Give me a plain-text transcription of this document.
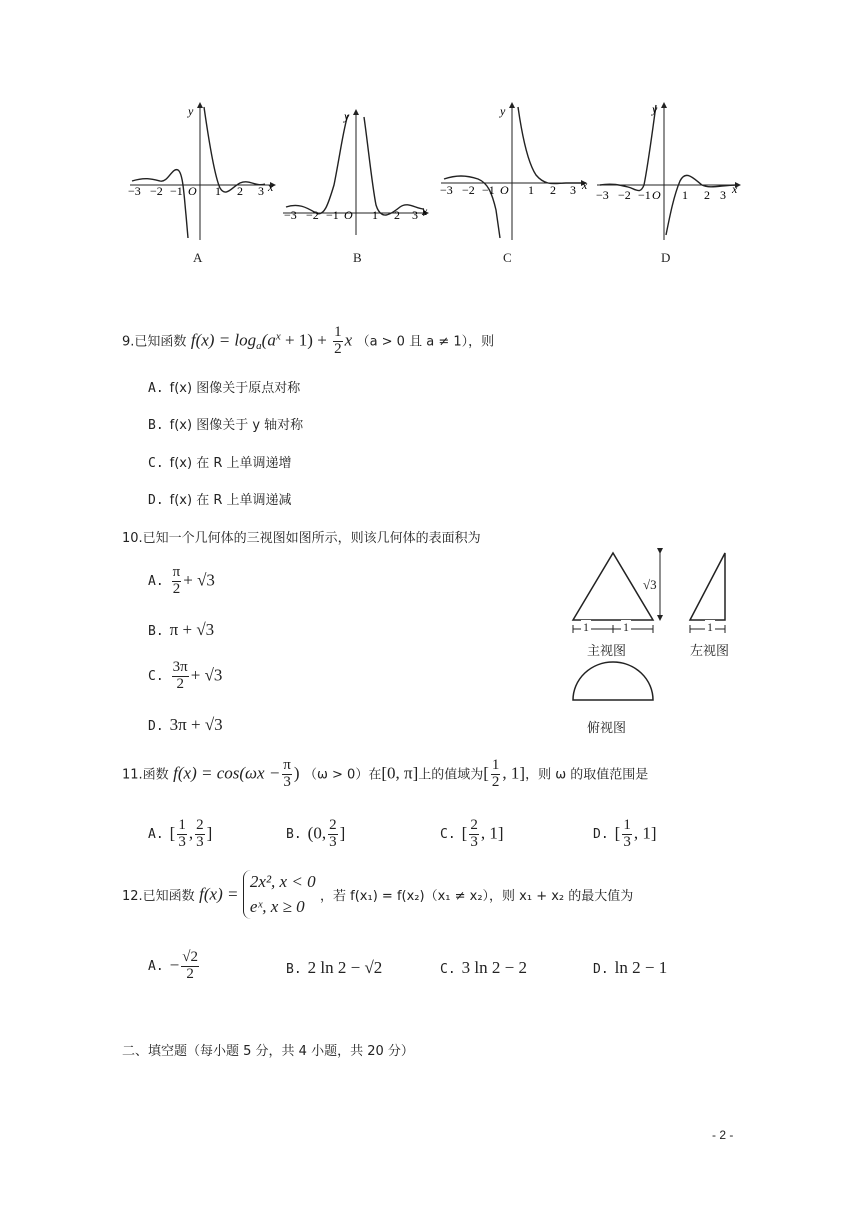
−3 −2 −1 O 1 2 3 x
y
−3 −2 −1 O 1 2 3 x
y
−3 −2 −1 O 1 2 3 x
y
−3 −2 −1 O 1 2 3 x
y
A	B	C	D
9.已知函数 $f(x) = \log_a(a^x + 1) + \frac{1}{2}$ x （a > 0 且 a ≠ 1），则
A. f(x) 图像关于原点对称
B. f(x) 图像关于 y 轴对称
C. f(x) 在 R 上单调递增
D. f(x) 在 R 上单调递减
10.已知一个几何体的三视图如图所示，则该几何体的表面积为
A. $\frac{\pi}{2} + √3$
B. π + √3
C. $\frac{3\pi}{2} + √3$
D. 3π + √3
1	1	1
√3
主视图	左视图
俯视图
11.函数 $f(x) = \cos(\omega x - \frac{\pi}{3}$ ) （ω > 0）在[0, π]上的值域为[ $\frac{1}{2}$ , 1]，则 ω 的取值范围是
A. [ $\frac{1}{3}$ , $\frac{2}{3}$ ]	B. (0, $\frac{2}{3}$ ]	C. [ $\frac{2}{3}$ , 1]	D. [ $\frac{1}{3}$ , 1]
12.已知函数 f(x) =
2x², x < 0
eˣ, x ≥ 0	，若 f(x₁) = f(x₂)（x₁ ≠ x₂），则 x₁ + x₂ 的最大值为
A. − $\frac{√2}{2}$	B. 2 ln 2 − √2	C. 3 ln 2 − 2	D. ln 2 − 1
二、填空题（每小题 5 分，共 4 小题，共 20 分）
- 2 -
